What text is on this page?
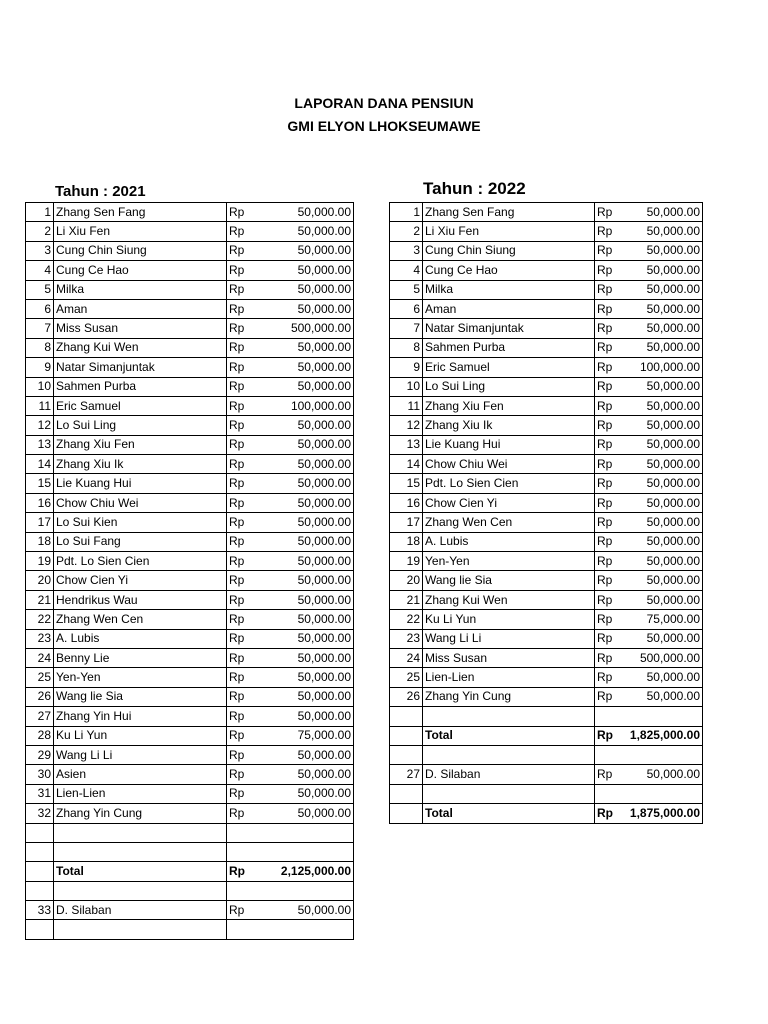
LAPORAN DANA PENSIUN
GMI ELYON LHOKSEUMAWE
Tahun : 2021	Tahun : 2022
1	Zhang Sen Fang	Rp	50,000.00
2	Li Xiu Fen	Rp	50,000.00
3	Cung Chin Siung	Rp	50,000.00
4	Cung Ce Hao	Rp	50,000.00
5	Milka	Rp	50,000.00
6	Aman	Rp	50,000.00
7	Miss Susan	Rp	500,000.00
8	Zhang Kui Wen	Rp	50,000.00
9	Natar Simanjuntak	Rp	50,000.00
10	Sahmen Purba	Rp	50,000.00
11	Eric Samuel	Rp	100,000.00
12	Lo Sui Ling	Rp	50,000.00
13	Zhang Xiu Fen	Rp	50,000.00
14	Zhang Xiu Ik	Rp	50,000.00
15	Lie Kuang Hui	Rp	50,000.00
16	Chow Chiu Wei	Rp	50,000.00
17	Lo Sui Kien	Rp	50,000.00
18	Lo Sui Fang	Rp	50,000.00
19	Pdt. Lo Sien Cien	Rp	50,000.00
20	Chow Cien Yi	Rp	50,000.00
21	Hendrikus Wau	Rp	50,000.00
22	Zhang Wen Cen	Rp	50,000.00
23	A. Lubis	Rp	50,000.00
24	Benny Lie	Rp	50,000.00
25	Yen-Yen	Rp	50,000.00
26	Wang lie Sia	Rp	50,000.00
27	Zhang Yin Hui	Rp	50,000.00
28	Ku Li Yun	Rp	75,000.00
29	Wang Li Li	Rp	50,000.00
30	Asien	Rp	50,000.00
31	Lien-Lien	Rp	50,000.00
32	Zhang Yin Cung	Rp	50,000.00

	Total	Rp	2,125,000.00

33	D. Silaban	Rp	50,000.00

1	Zhang Sen Fang	Rp	50,000.00
2	Li Xiu Fen	Rp	50,000.00
3	Cung Chin Siung	Rp	50,000.00
4	Cung Ce Hao	Rp	50,000.00
5	Milka	Rp	50,000.00
6	Aman	Rp	50,000.00
7	Natar Simanjuntak	Rp	50,000.00
8	Sahmen Purba	Rp	50,000.00
9	Eric Samuel	Rp	100,000.00
10	Lo Sui Ling	Rp	50,000.00
11	Zhang Xiu Fen	Rp	50,000.00
12	Zhang Xiu Ik	Rp	50,000.00
13	Lie Kuang Hui	Rp	50,000.00
14	Chow Chiu Wei	Rp	50,000.00
15	Pdt. Lo Sien Cien	Rp	50,000.00
16	Chow Cien Yi	Rp	50,000.00
17	Zhang Wen Cen	Rp	50,000.00
18	A. Lubis	Rp	50,000.00
19	Yen-Yen	Rp	50,000.00
20	Wang lie Sia	Rp	50,000.00
21	Zhang Kui Wen	Rp	50,000.00
22	Ku Li Yun	Rp	75,000.00
23	Wang Li Li	Rp	50,000.00
24	Miss Susan	Rp	500,000.00
25	Lien-Lien	Rp	50,000.00
26	Zhang Yin Cung	Rp	50,000.00

	Total	Rp	1,825,000.00

27	D. Silaban	Rp	50,000.00

	Total	Rp	1,875,000.00
